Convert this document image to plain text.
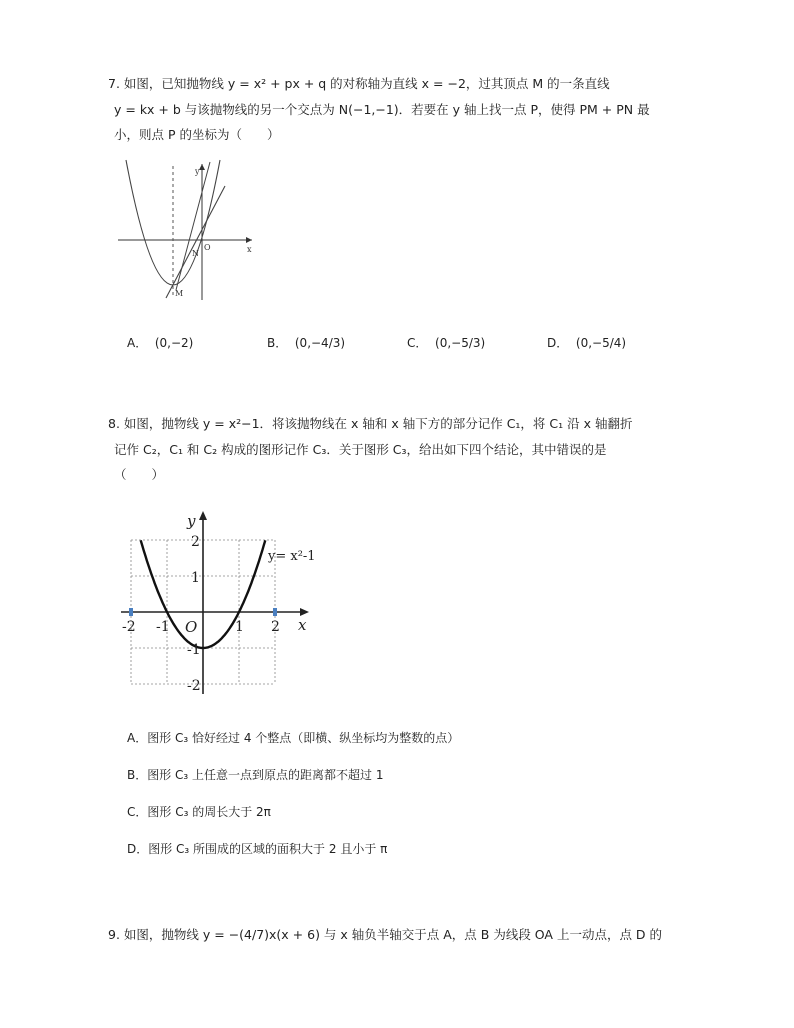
7. 如图，已知抛物线 y = x² + px + q 的对称轴为直线 x = −2，过其顶点 M 的一条直线
y = kx + b 与该抛物线的另一个交点为 N(−1,−1)．若要在 y 轴上找一点 P，使得 PM + PN 最
小，则点 P 的坐标为（　　）
y
x
O
N
M
A． (0,−2)	B． (0,−4/3)	C． (0,−5/3)	D． (0,−5/4)
8. 如图，抛物线 y = x²−1．将该抛物线在 x 轴和 x 轴下方的部分记作 C₁，将 C₁ 沿 x 轴翻折
记作 C₂，C₁ 和 C₂ 构成的图形记作 C₃．关于图形 C₃，给出如下四个结论，其中错误的是
（　　）
y
x
O
y= x²-1
-2 -1	1 2
2
1
-1
-2
A．图形 C₃ 恰好经过 4 个整点（即横、纵坐标均为整数的点）
B．图形 C₃ 上任意一点到原点的距离都不超过 1
C．图形 C₃ 的周长大于 2π
D．图形 C₃ 所围成的区域的面积大于 2 且小于 π
9. 如图，抛物线 y = −(4/7)x(x + 6) 与 x 轴负半轴交于点 A，点 B 为线段 OA 上一动点，点 D 的
